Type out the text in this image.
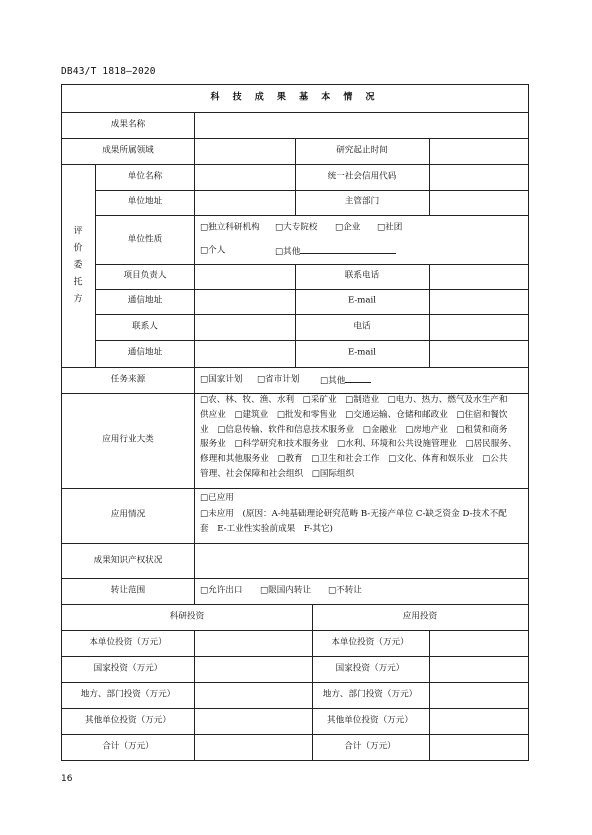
DB43/T 1818—2020
科 技 成 果 基 本 情 况
成果名称
成果所属领域	研究起止时间
评价委托方
单位名称	统一社会信用代码
单位地址	主管部门
单位性质
□独立科研机构 □大专院校 □企业 □社团
□个人	□其他
项目负责人	联系电话
通信地址	E-mail
联系人	电话
通信地址	E-mail
任务来源	□国家计划 □省市计划 □其他
应用行业大类
□农、林、牧、渔、水利　□采矿业　□制造业　□电力、热力、燃气及水生产和
供应业　□建筑业　□批发和零售业　□交通运输、仓储和邮政业　□住宿和餐饮
业　□信息传输、软件和信息技术服务业　□金融业　□房地产业　□租赁和商务
服务业　□科学研究和技术服务业　□水利、环境和公共设施管理业　□居民服务、
修理和其他服务业　□教育　□卫生和社会工作　□文化、体育和娱乐业　□公共
管理、社会保障和社会组织　□国际组织
应用情况
□已应用
□未应用　(原因：A-纯基础理论研究范畴 B-无接产单位 C-缺乏资金 D-技术不配
套　E-工业性实验前成果　F-其它)
成果知识产权状况
转让范围	□允许出口 □限国内转让 □不转让
科研投资	应用投资
本单位投资（万元）	本单位投资（万元）
国家投资（万元）	国家投资（万元）
地方、部门投资（万元）	地方、部门投资（万元）
其他单位投资（万元）	其他单位投资（万元）
合计（万元）	合计（万元）
16
